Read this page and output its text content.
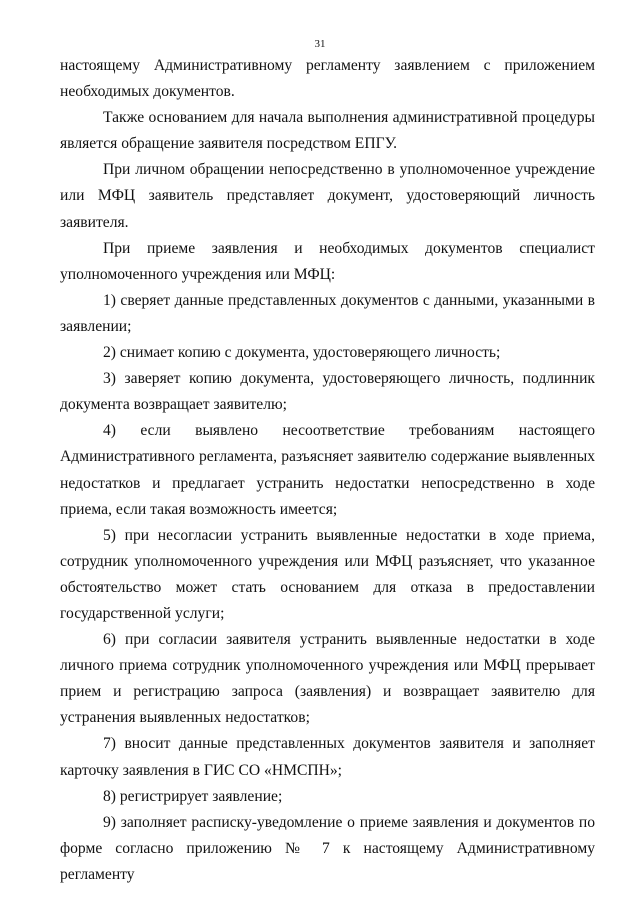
31

настоящему Административному регламенту заявлением с приложением необходимых документов.

Также основанием для начала выполнения административной процедуры является обращение заявителя посредством ЕПГУ.

При личном обращении непосредственно в уполномоченное учреждение или МФЦ заявитель представляет документ, удостоверяющий личность заявителя.

При приеме заявления и необходимых документов специалист уполномоченного учреждения или МФЦ:

1) сверяет данные представленных документов с данными, указанными в заявлении;

2) снимает копию с документа, удостоверяющего личность;

3) заверяет копию документа, удостоверяющего личность, подлинник документа возвращает заявителю;

4) если выявлено несоответствие требованиям настоящего Административного регламента, разъясняет заявителю содержание выявленных недостатков и предлагает устранить недостатки непосредственно в ходе приема, если такая возможность имеется;

5) при несогласии устранить выявленные недостатки в ходе приема, сотрудник уполномоченного учреждения или МФЦ разъясняет, что указанное обстоятельство может стать основанием для отказа в предоставлении государственной услуги;

6) при согласии заявителя устранить выявленные недостатки в ходе личного приема сотрудник уполномоченного учреждения или МФЦ прерывает прием и регистрацию запроса (заявления) и возвращает заявителю для устранения выявленных недостатков;

7) вносит данные представленных документов заявителя и заполняет карточку заявления в ГИС СО «НМСПН»;

8) регистрирует заявление;

9) заполняет расписку-уведомление о приеме заявления и документов по форме согласно приложению № 7 к настоящему Административному регламенту
